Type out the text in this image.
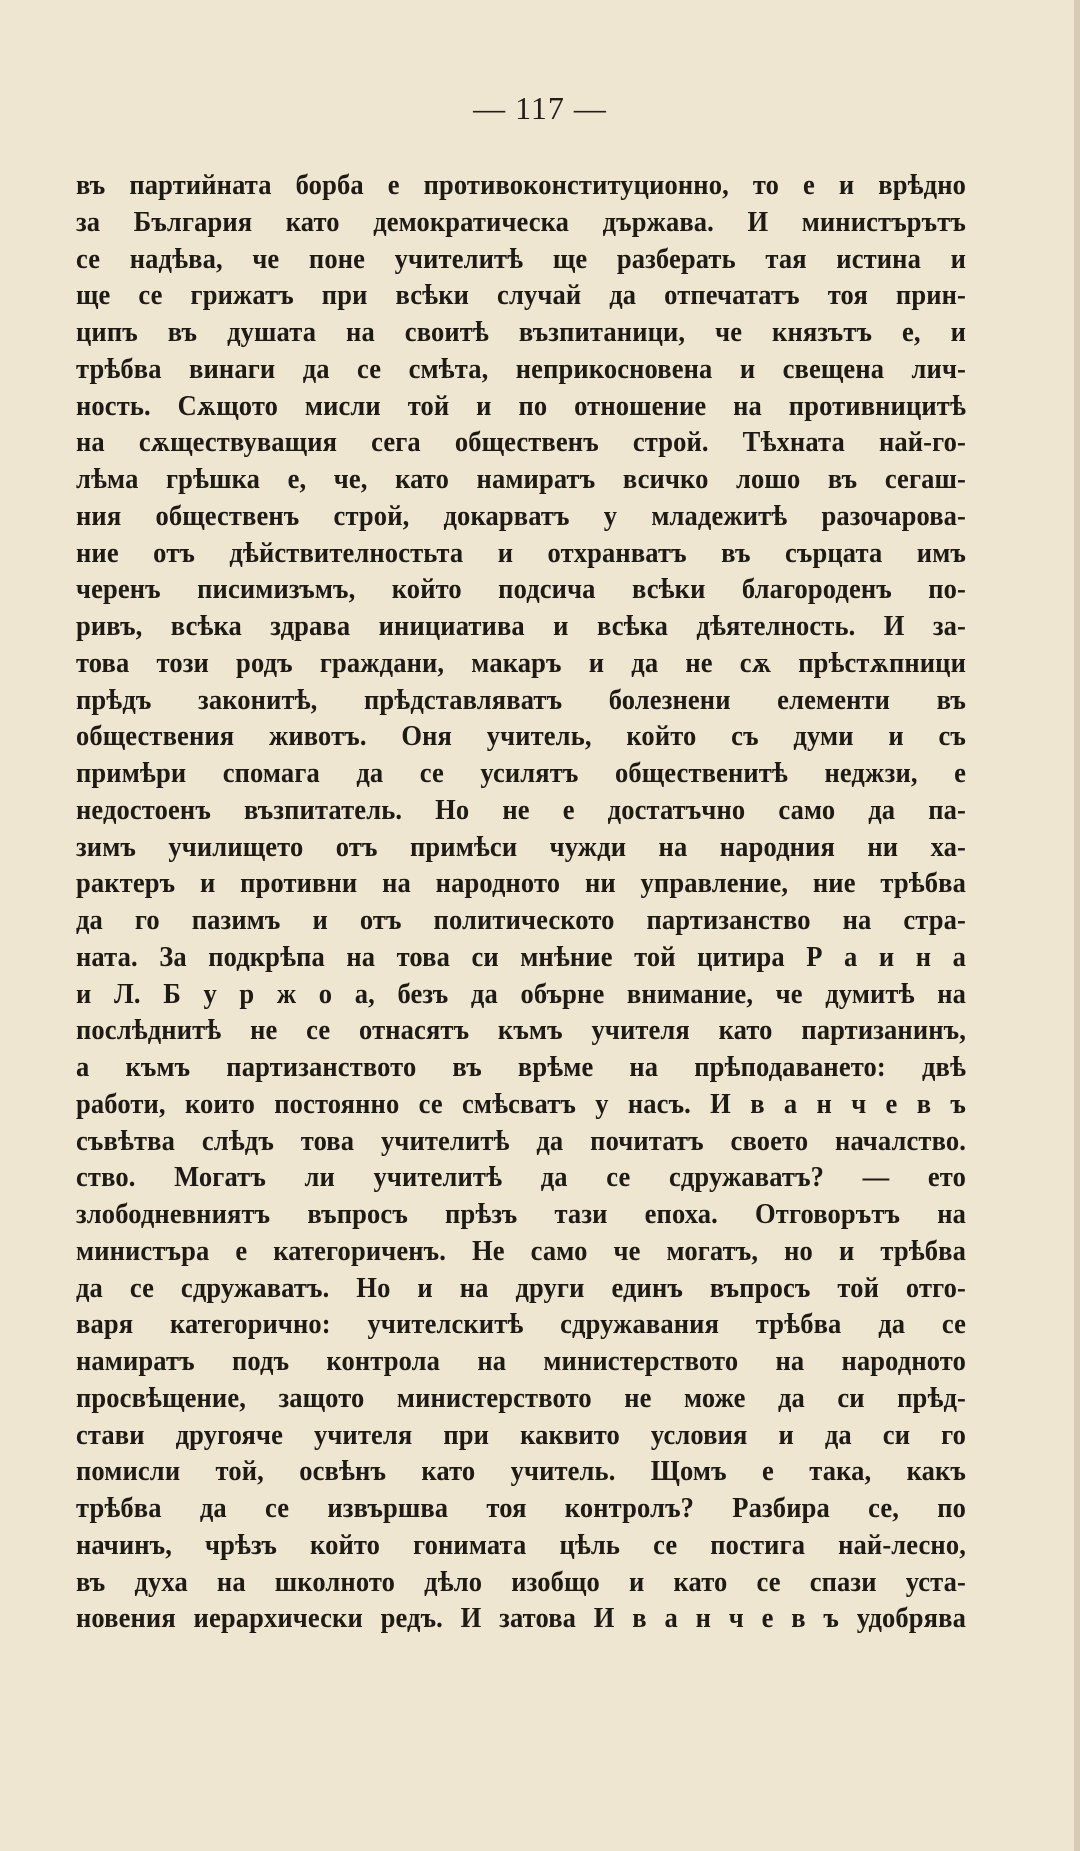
— 117 —
въ партийната борба е противоконституционно, то е и врѣдно
за България като демократическа държава. И министърътъ
се надѣва, че поне учителитѣ ще разберать тая истина и
ще се грижатъ при всѣки случай да отпечататъ тоя прин-
ципъ въ душата на своитѣ възпитаници, че князътъ е, и
трѣбва винаги да се смѣта, неприкосновена и свещена лич-
ность. Сѫщото мисли той и по отношение на противницитѣ
на сѫществуващия сега общественъ строй. Тѣхната най-го-
лѣма грѣшка е, че, като намиратъ всичко лошо въ сегаш-
ния общественъ строй, докарватъ у младежитѣ разочарова-
ние отъ дѣйствителностьта и отхранватъ въ сърцата имъ
черенъ писимизъмъ, който подсича всѣки благороденъ по-
ривъ, всѣка здрава инициатива и всѣка дѣятелность. И за-
това този родъ граждани, макаръ и да не сѫ прѣстѫпници
прѣдъ законитѣ, прѣдставляватъ болезнени елементи въ
обществения животъ. Оня учитель, който съ думи и съ
примѣри спомага да се усилятъ общественитѣ неджзи, е
недостоенъ възпитатель. Но не е достатъчно само да па-
зимъ училището отъ примѣси чужди на народния ни ха-
рактеръ и противни на народното ни управление, ние трѣбва
да го пазимъ и отъ политическото партизанство на стра-
ната. За подкрѣпа на това си мнѣние той цитира Р а и н а
и Л. Б у р ж о а, безъ да обърне внимание, че думитѣ на
послѣднитѣ не се отнасятъ къмъ учителя като партизанинъ,
а къмъ партизанството въ врѣме на прѣподаването: двѣ
работи, които постоянно се смѣсватъ у насъ. И в а н ч е в ъ
съвѣтва слѣдъ това учителитѣ да почитатъ своето началство.
ство. Могатъ ли учителитѣ да се сдружаватъ? — ето
злободневниятъ въпросъ прѣзъ тази епоха. Отговорътъ на
министъра е категориченъ. Не само че могатъ, но и трѣбва
да се сдружаватъ. Но и на други единъ въпросъ той отго-
варя категорично: учителскитѣ сдружавания трѣбва да се
намиратъ подъ контрола на министерството на народното
просвѣщение, защото министерството не може да си прѣд-
стави другояче учителя при каквито условия и да си го
помисли той, освѣнъ като учитель. Щомъ е така, какъ
трѣбва да се извършва тоя контролъ? Разбира се, по
начинъ, чрѣзъ който гонимата цѣль се постига най-лесно,
въ духа на школното дѣло изобщо и като се спази уста-
новения иерархически редъ. И затова И в а н ч е в ъ удобрява
